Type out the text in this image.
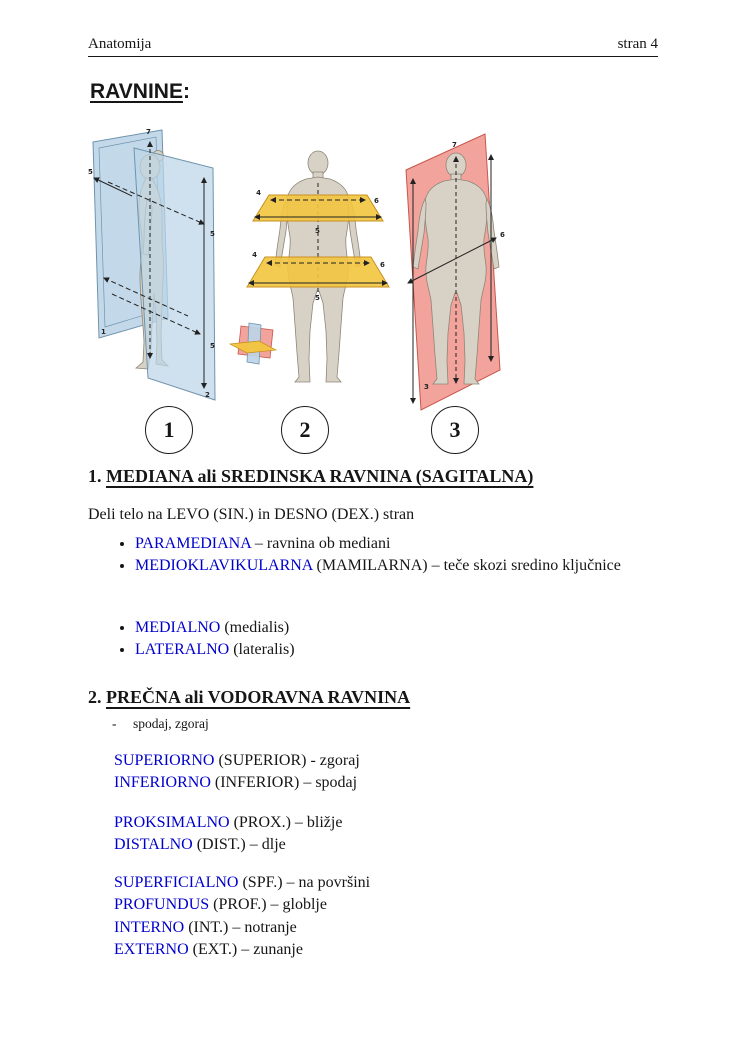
Anatomija	stran 4
RAVNINE:
7
5
5
5
1
2
4
6
5
4
6
5
7
6
3
1	2	3
1. MEDIANA ali SREDINSKA RAVNINA (SAGITALNA)
Deli telo na LEVO (SIN.) in DESNO (DEX.) stran
• PARAMEDIANA – ravnina ob mediani
• MEDIOKLAVIKULARNA (MAMILARNA) – teče skozi sredino ključnice
• MEDIALNO (medialis)
• LATERALNO (lateralis)
2. PREČNA ali VODORAVNA RAVNINA
- spodaj, zgoraj
SUPERIORNO (SUPERIOR) - zgoraj
INFERIORNO (INFERIOR) – spodaj
PROKSIMALNO (PROX.) – bližje
DISTALNO (DIST.) – dlje
SUPERFICIALNO (SPF.) – na površini
PROFUNDUS (PROF.) – globlje
INTERNO (INT.) – notranje
EXTERNO (EXT.) – zunanje
